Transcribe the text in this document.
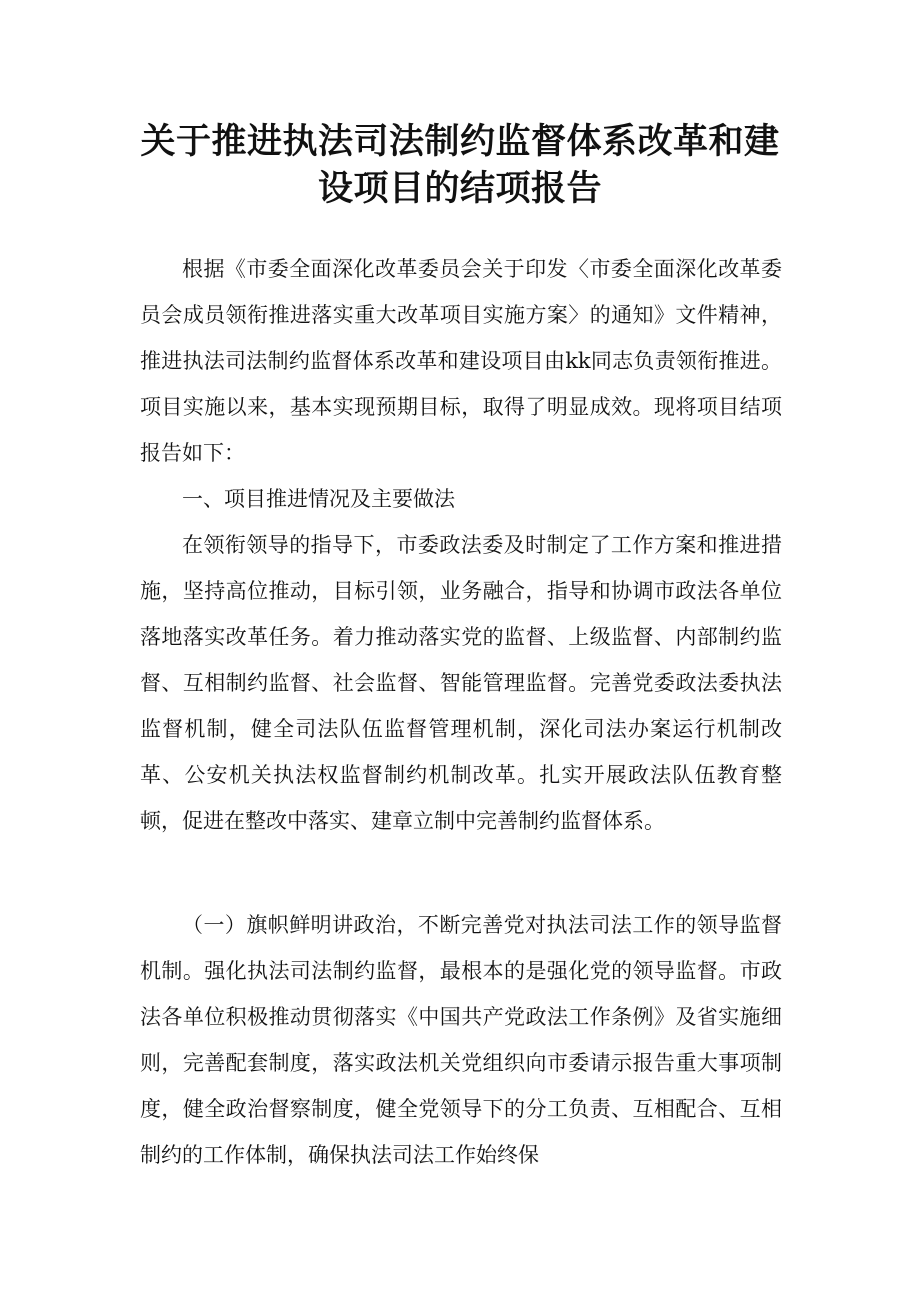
关于推进执法司法制约监督体系改革和建
设项目的结项报告

根据《市委全面深化改革委员会关于印发〈市委全面深化改革委员会成员领衔推进落实重大改革项目实施方案〉的通知》文件精神，推进执法司法制约监督体系改革和建设项目由kk同志负责领衔推进。项目实施以来，基本实现预期目标，取得了明显成效。现将项目结项报告如下：

一、项目推进情况及主要做法

在领衔领导的指导下，市委政法委及时制定了工作方案和推进措施，坚持高位推动，目标引领，业务融合，指导和协调市政法各单位落地落实改革任务。着力推动落实党的监督、上级监督、内部制约监督、互相制约监督、社会监督、智能管理监督。完善党委政法委执法监督机制，健全司法队伍监督管理机制，深化司法办案运行机制改革、公安机关执法权监督制约机制改革。扎实开展政法队伍教育整顿，促进在整改中落实、建章立制中完善制约监督体系。

（一）旗帜鲜明讲政治，不断完善党对执法司法工作的领导监督机制。强化执法司法制约监督，最根本的是强化党的领导监督。市政法各单位积极推动贯彻落实《中国共产党政法工作条例》及省实施细则，完善配套制度，落实政法机关党组织向市委请示报告重大事项制度，健全政治督察制度，健全党领导下的分工负责、互相配合、互相制约的工作体制，确保执法司法工作始终保
